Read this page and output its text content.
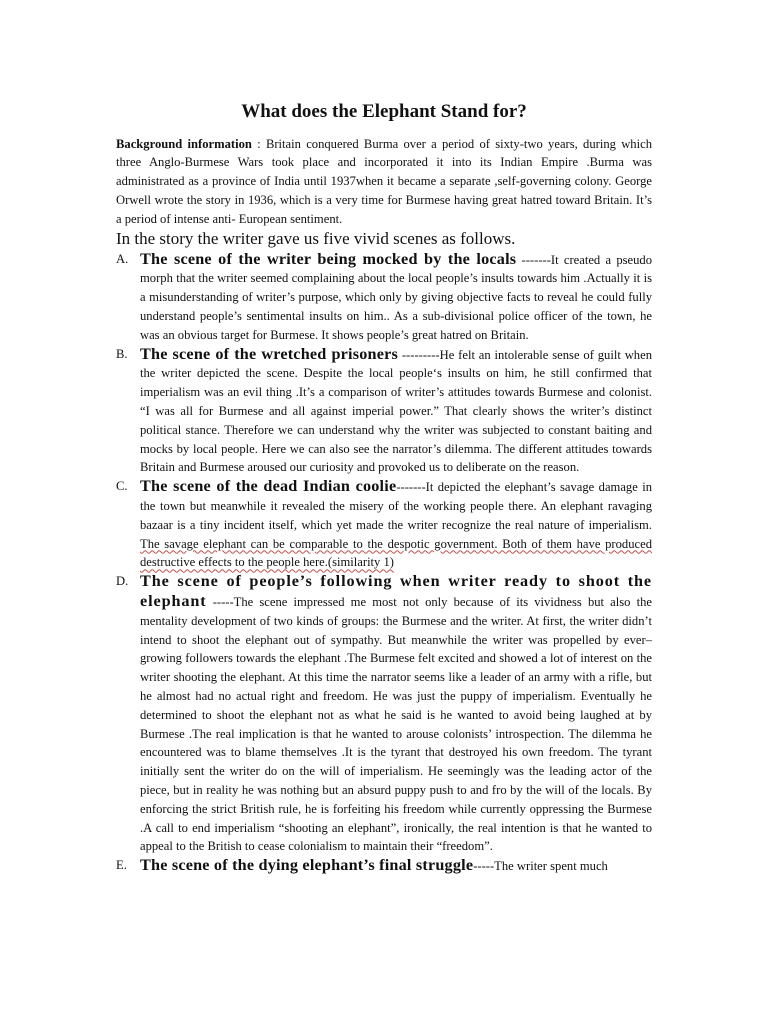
What does the Elephant Stand for?

Background information : Britain conquered Burma over a period of sixty-two years, during which three Anglo-Burmese Wars took place and incorporated it into its Indian Empire .Burma was administrated as a province of India until 1937when it became a separate ,self-governing colony. George Orwell wrote the story in 1936, which is a very time for Burmese having great hatred toward Britain. It’s a period of intense anti- European sentiment.

In the story the writer gave us five vivid scenes as follows.

A. The scene of the writer being mocked by the locals -------It created a pseudo morph that the writer seemed complaining about the local people’s insults towards him .Actually it is a misunderstanding of writer’s purpose, which only by giving objective facts to reveal he could fully understand people’s sentimental insults on him.. As a sub-divisional police officer of the town, he was an obvious target for Burmese. It shows people’s great hatred on Britain.
B. The scene of the wretched prisoners ---------He felt an intolerable sense of guilt when the writer depicted the scene. Despite the local people‘s insults on him, he still confirmed that imperialism was an evil thing .It’s a comparison of writer’s attitudes towards Burmese and colonist. “I was all for Burmese and all against imperial power.” That clearly shows the writer’s distinct political stance. Therefore we can understand why the writer was subjected to constant baiting and mocks by local people. Here we can also see the narrator’s dilemma. The different attitudes towards Britain and Burmese aroused our curiosity and provoked us to deliberate on the reason.
C. The scene of the dead Indian coolie-------It depicted the elephant’s savage damage in the town but meanwhile it revealed the misery of the working people there. An elephant ravaging bazaar is a tiny incident itself, which yet made the writer recognize the real nature of imperialism. The savage elephant can be comparable to the despotic government. Both of them have produced destructive effects to the people here.(similarity 1)
D. The scene of people’s following when writer ready to shoot the elephant -----The scene impressed me most not only because of its vividness but also the mentality development of two kinds of groups: the Burmese and the writer. At first, the writer didn’t intend to shoot the elephant out of sympathy. But meanwhile the writer was propelled by ever–growing followers towards the elephant .The Burmese felt excited and showed a lot of interest on the writer shooting the elephant. At this time the narrator seems like a leader of an army with a rifle, but he almost had no actual right and freedom. He was just the puppy of imperialism. Eventually he determined to shoot the elephant not as what he said is he wanted to avoid being laughed at by Burmese .The real implication is that he wanted to arouse colonists’ introspection. The dilemma he encountered was to blame themselves .It is the tyrant that destroyed his own freedom. The tyrant initially sent the writer do on the will of imperialism. He seemingly was the leading actor of the piece, but in reality he was nothing but an absurd puppy push to and fro by the will of the locals. By enforcing the strict British rule, he is forfeiting his freedom while currently oppressing the Burmese .A call to end imperialism “shooting an elephant”, ironically, the real intention is that he wanted to appeal to the British to cease colonialism to maintain their “freedom”.
E. The scene of the dying elephant’s final struggle-----The writer spent much
